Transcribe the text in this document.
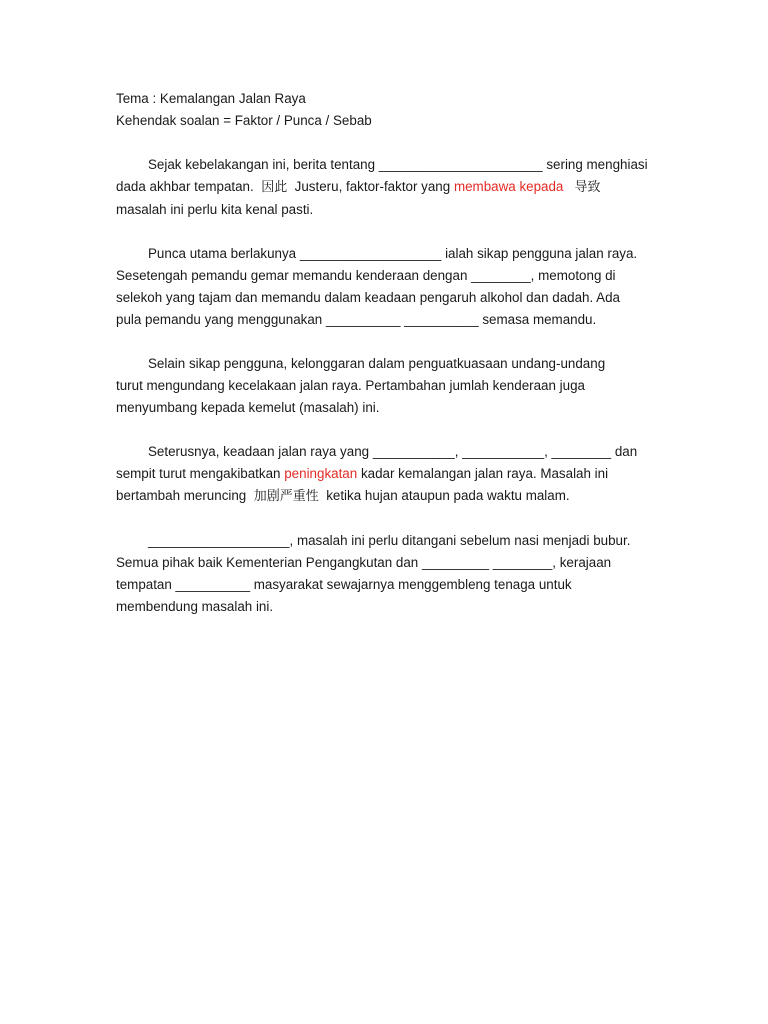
Tema : Kemalangan Jalan Raya
Kehendak soalan = Faktor / Punca / Sebab
Sejak kebelakangan ini, berita tentang ______________________ sering menghiasi
dada akhbar tempatan. 因此 Justeru, faktor-faktor yang membawa kepada 导致
masalah ini perlu kita kenal pasti.
Punca utama berlakunya ___________________ ialah sikap pengguna jalan raya.
Sesetengah pemandu gemar memandu kenderaan dengan ________, memotong di
selekoh yang tajam dan memandu dalam keadaan pengaruh alkohol dan dadah. Ada
pula pemandu yang menggunakan __________ __________ semasa memandu.
Selain sikap pengguna, kelonggaran dalam penguatkuasaan undang-undang
turut mengundang kecelakaan jalan raya. Pertambahan jumlah kenderaan juga
menyumbang kepada kemelut (masalah) ini.
Seterusnya, keadaan jalan raya yang ___________, ___________, ________ dan
sempit turut mengakibatkan peningkatan kadar kemalangan jalan raya. Masalah ini
bertambah meruncing 加剧严重性 ketika hujan ataupun pada waktu malam.
___________________, masalah ini perlu ditangani sebelum nasi menjadi bubur.
Semua pihak baik Kementerian Pengangkutan dan _________ ________, kerajaan
tempatan __________ masyarakat sewajarnya menggembleng tenaga untuk
membendung masalah ini.
